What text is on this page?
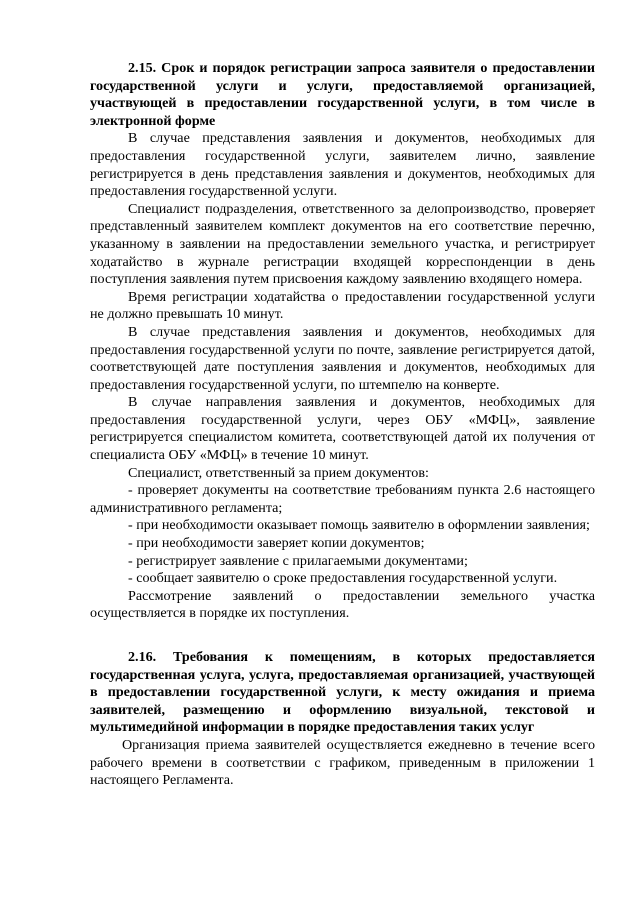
2.15. Срок и порядок регистрации запроса заявителя о предоставлении государственной услуги и услуги, предоставляемой организацией, участвующей в предоставлении государственной услуги, в том числе в электронной форме

В случае представления заявления и документов, необходимых для предоставления государственной услуги, заявителем лично, заявление регистрируется в день представления заявления и документов, необходимых для предоставления государственной услуги.

Специалист подразделения, ответственного за делопроизводство, проверяет представленный заявителем комплект документов на его соответствие перечню, указанному в заявлении на предоставлении земельного участка, и регистрирует ходатайство в журнале регистрации входящей корреспонденции в день поступления заявления путем присвоения каждому заявлению входящего номера.

Время регистрации ходатайства о предоставлении государственной услуги не должно превышать 10 минут.

В случае представления заявления и документов, необходимых для предоставления государственной услуги по почте, заявление регистрируется датой, соответствующей дате поступления заявления и документов, необходимых для предоставления государственной услуги, по штемпелю на конверте.

В случае направления заявления и документов, необходимых для предоставления государственной услуги, через ОБУ «МФЦ», заявление регистрируется специалистом комитета, соответствующей датой их получения от специалиста ОБУ «МФЦ» в течение 10 минут.

Специалист, ответственный за прием документов:

- проверяет документы на соответствие требованиям пункта 2.6 настоящего административного регламента;

- при необходимости оказывает помощь заявителю в оформлении заявления;

- при необходимости заверяет копии документов;

- регистрирует заявление с прилагаемыми документами;

- сообщает заявителю о сроке предоставления государственной услуги.

Рассмотрение заявлений о предоставлении земельного участка осуществляется в порядке их поступления.

2.16. Требования к помещениям, в которых предоставляется государственная услуга, услуга, предоставляемая организацией, участвующей в предоставлении государственной услуги, к месту ожидания и приема заявителей, размещению и оформлению визуальной, текстовой и мультимедийной информации в порядке предоставления таких услуг

Организация приема заявителей осуществляется ежедневно в течение всего рабочего времени в соответствии с графиком, приведенным в приложении 1 настоящего Регламента.
